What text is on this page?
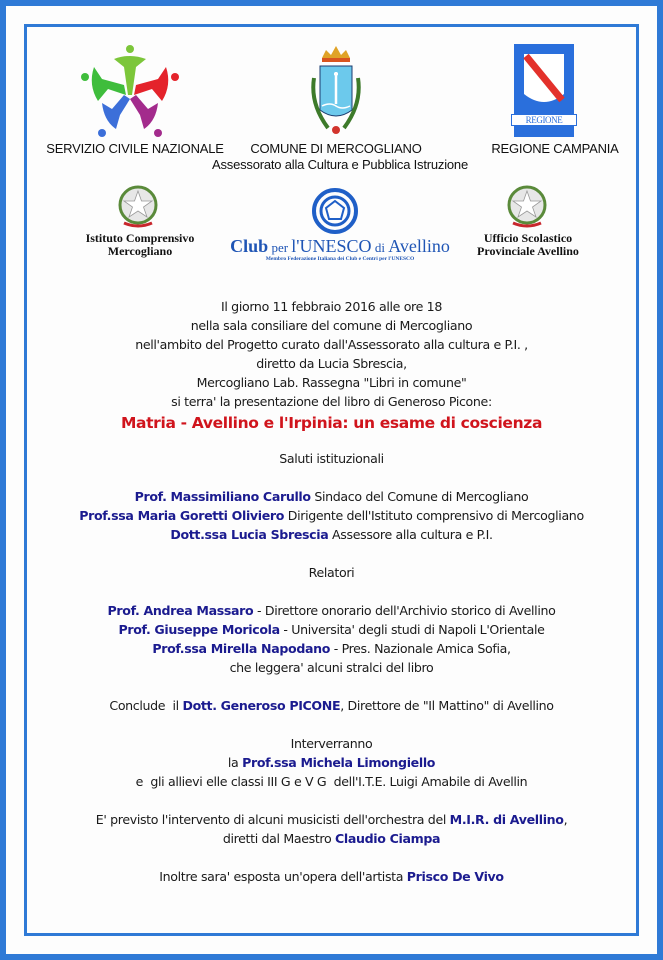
SERVIZIO CIVILE NAZIONALE	COMUNE DI MERCOGLIANO
Assessorato alla Cultura e Pubblica Istruzione
REGIONE CAMPANIA
REGIONE CAMPANIA
Istituto Comprensivo
Mercogliano	Club per l'UNESCO di Avellino
Membro Federazione Italiana dei Club e Centri per l'UNESCO
Ufficio Scolastico
Provinciale Avellino
Il giorno 11 febbraio 2016 alle ore 18
nella sala consiliare del comune di Mercogliano
nell'ambito del Progetto curato dall'Assessorato alla cultura e P.I. ,
diretto da Lucia Sbrescia,
Mercogliano Lab. Rassegna "Libri in comune"
si terra' la presentazione del libro di Generoso Picone:
Matria - Avellino e l'Irpinia: un esame di coscienza
Saluti istituzionali
Prof. Massimiliano Carullo Sindaco del Comune di Mercogliano
Prof.ssa Maria Goretti Oliviero Dirigente dell'Istituto comprensivo di Mercogliano
Dott.ssa Lucia Sbrescia Assessore alla cultura e P.I.
Relatori
Prof. Andrea Massaro - Direttore onorario dell'Archivio storico di Avellino
Prof. Giuseppe Moricola - Universita' degli studi di Napoli L'Orientale
Prof.ssa Mirella Napodano - Pres. Nazionale Amica Sofia,
che leggera' alcuni stralci del libro
Conclude  il Dott. Generoso PICONE, Direttore de "Il Mattino" di Avellino
Interverranno
la Prof.ssa Michela Limongiello
e  gli allievi elle classi III G e V G  dell'I.T.E. Luigi Amabile di Avellin
E' previsto l'intervento di alcuni musicisti dell'orchestra del M.I.R. di Avellino,
diretti dal Maestro Claudio Ciampa
Inoltre sara' esposta un'opera dell'artista Prisco De Vivo
